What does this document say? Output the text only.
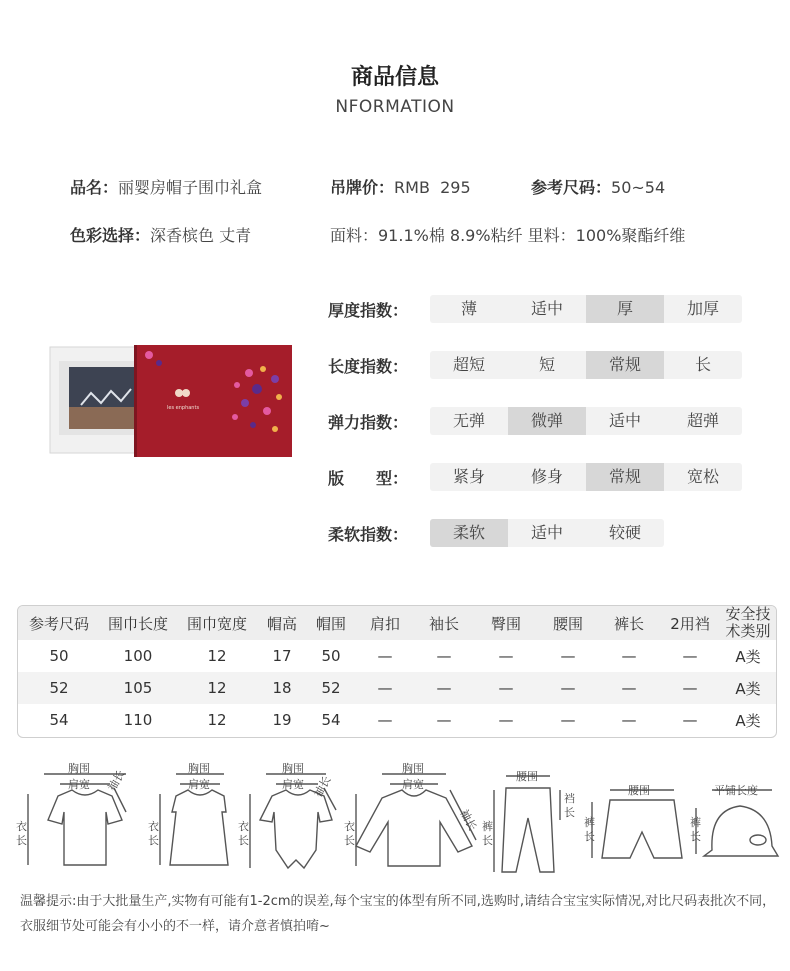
商品信息
NFORMATION
品名：丽婴房帽子围巾礼盒	吊牌价：RMB  295	参考尺码：50~54
色彩选择：深香槟色 丈青	面料：91.1%棉 8.9%粘纤 里料：100%聚酯纤维
les enphants
厚度指数：	薄	适中	厚	加厚
长度指数：	超短	短	常规	长
弹力指数：	无弹	微弹	适中	超弹
版　　型：	紧身	修身	常规	宽松
柔软指数：	柔软	适中	较硬
参考尺码	围巾长度	围巾宽度	帽高	帽围	肩扣	袖长	臀围	腰围	裤长	2用裆	安全技
术类别
50	100	12	17	50	—	—	—	—	—	—	A类
52	105	12	18	52	—	—	—	—	—	—	A类
54	110	12	19	54	—	—	—	—	—	—	A类
胸围
肩宽 袖长
衣
长
胸围
肩宽
衣
长
胸围
肩宽 袖长
衣
长
胸围
肩宽
袖长
衣
长
腰围
裆
长
裤
长
腰围
裤
长
裤
长
平铺长度
温馨提示:由于大批量生产,实物有可能有1-2cm的误差,每个宝宝的体型有所不同,选购时,请结合宝宝实际情况,对比尺码表批次不同，衣服细节处可能会有小小的不一样，请介意者慎拍唷~
